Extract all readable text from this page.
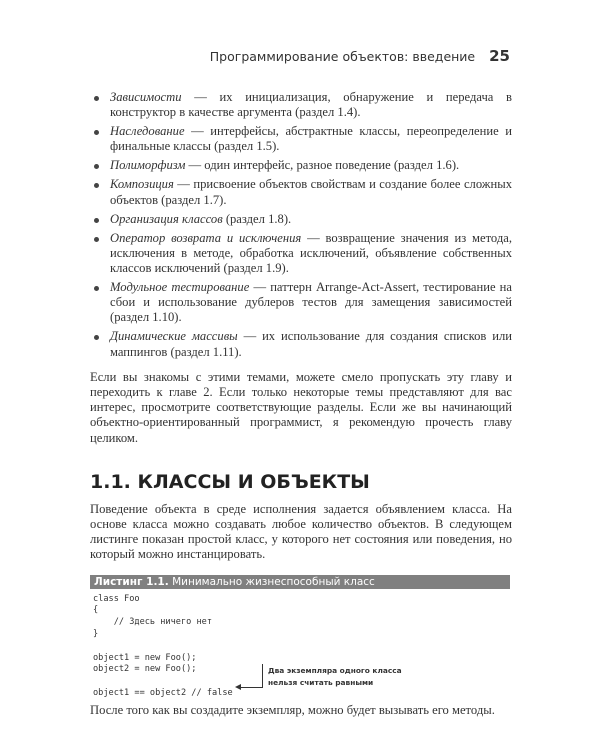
Программирование объектов: введение 25
Зависимости — их инициализация, обнаружение и передача в конструктор в качестве аргумента (раздел 1.4).
Наследование — интерфейсы, абстрактные классы, переопределение и финальные классы (раздел 1.5).
Полиморфизм — один интерфейс, разное поведение (раздел 1.6).
Композиция — присвоение объектов свойствам и создание более сложных объектов (раздел 1.7).
Организация классов (раздел 1.8).
Оператор возврата и исключения — возвращение значения из метода, исключения в методе, обработка исключений, объявление собственных классов исключений (раздел 1.9).
Модульное тестирование — паттерн Arrange-Act-Assert, тестирование на сбои и использование дублеров тестов для замещения зависимостей (раздел 1.10).
Динамические массивы — их использование для создания списков или маппингов (раздел 1.11).

Если вы знакомы с этими темами, можете смело пропускать эту главу и переходить к главе 2. Если только некоторые темы представляют для вас интерес, просмотрите соответствующие разделы. Если же вы начинающий объектно-ориентированный программист, я рекомендую прочесть главу целиком.

1.1. КЛАССЫ И ОБЪЕКТЫ

Поведение объекта в среде исполнения задается объявлением класса. На основе класса можно создавать любое количество объектов. В следующем листинге показан простой класс, у которого нет состояния или поведения, но который можно инстанцировать.

Листинг 1.1. Минимально жизнеспособный класс
class Foo
{
// Здесь ничего нет
}

object1 = new Foo();
object2 = new Foo();

object1 == object2 // false
Два экземпляра одного класса
нельзя считать равными

После того как вы создадите экземпляр, можно будет вызывать его методы.
